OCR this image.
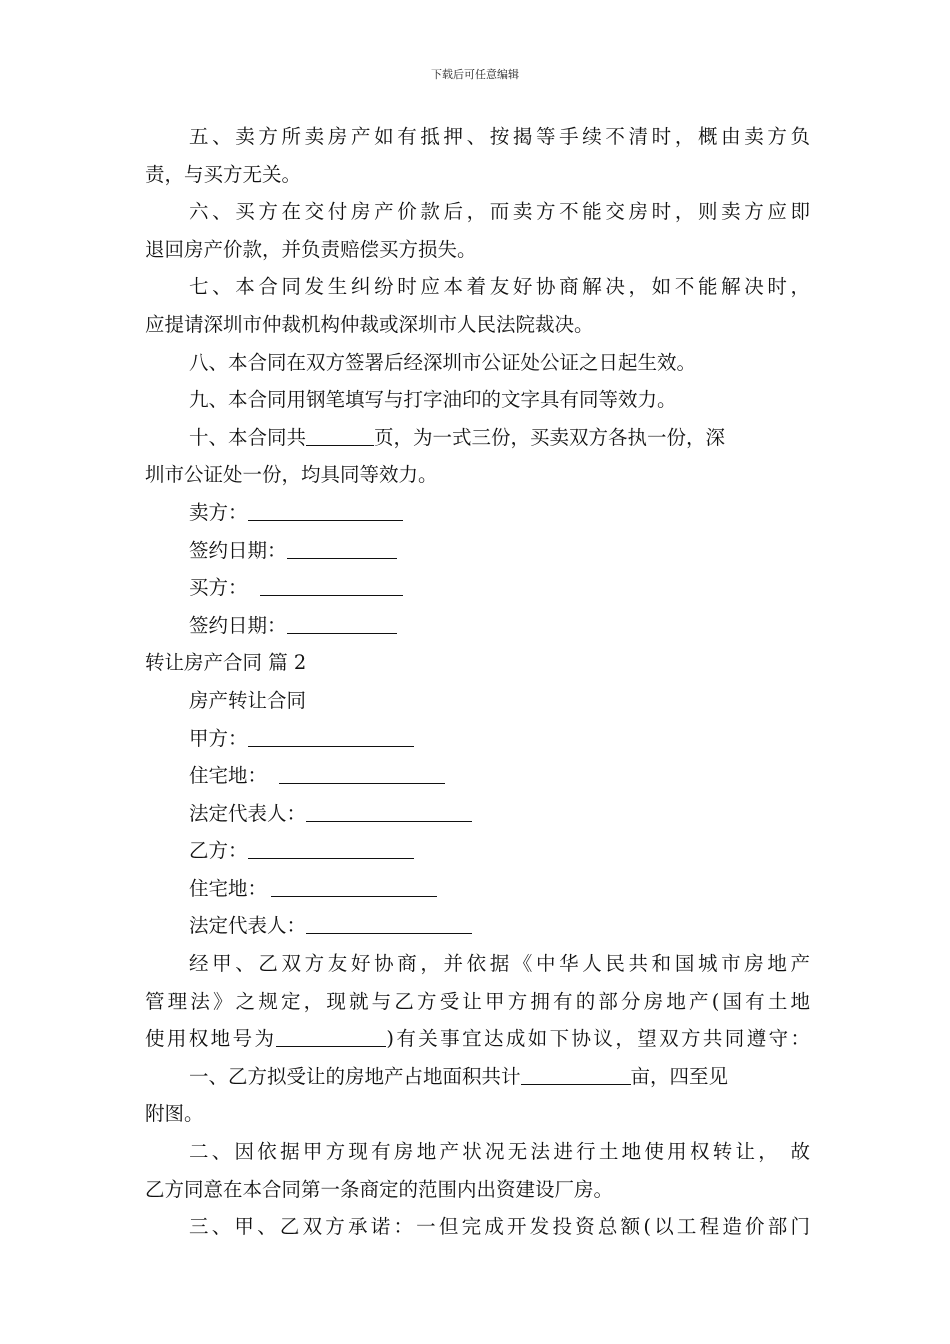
下载后可任意编辑
五、卖方所卖房产如有抵押、按揭等手续不清时，概由卖方负
责，与买方无关。
六、买方在交付房产价款后，而卖方不能交房时，则卖方应即
退回房产价款，并负责赔偿买方损失。
七、本合同发生纠纷时应本着友好协商解决，如不能解决时，
应提请深圳市仲裁机构仲裁或深圳市人民法院裁决。
八、本合同在双方签署后经深圳市公证处公证之日起生效。
九、本合同用钢笔填写与打字油印的文字具有同等效力。
十、本合同共	页，为一式三份，买卖双方各执一份，深
圳市公证处一份，均具同等效力。
卖方：
签约日期：
买方：
签约日期：
转让房产合同 篇 2
房产转让合同
甲方：
住宅地：
法定代表人：
乙方：
住宅地：
法定代表人：
经甲、乙双方友好协商，并依据《中华人民共和国城市房地产
管理法》之规定，现就与乙方受让甲方拥有的部分房地产(国有土地
使用权地号为	)有关事宜达成如下协议，望双方共同遵守：
一、乙方拟受让的房地产占地面积共计	亩，四至见
附图。
二、因依据甲方现有房地产状况无法进行土地使用权转让， 故
乙方同意在本合同第一条商定的范围内出资建设厂房。
三、甲、乙双方承诺：一但完成开发投资总额(以工程造价部门
